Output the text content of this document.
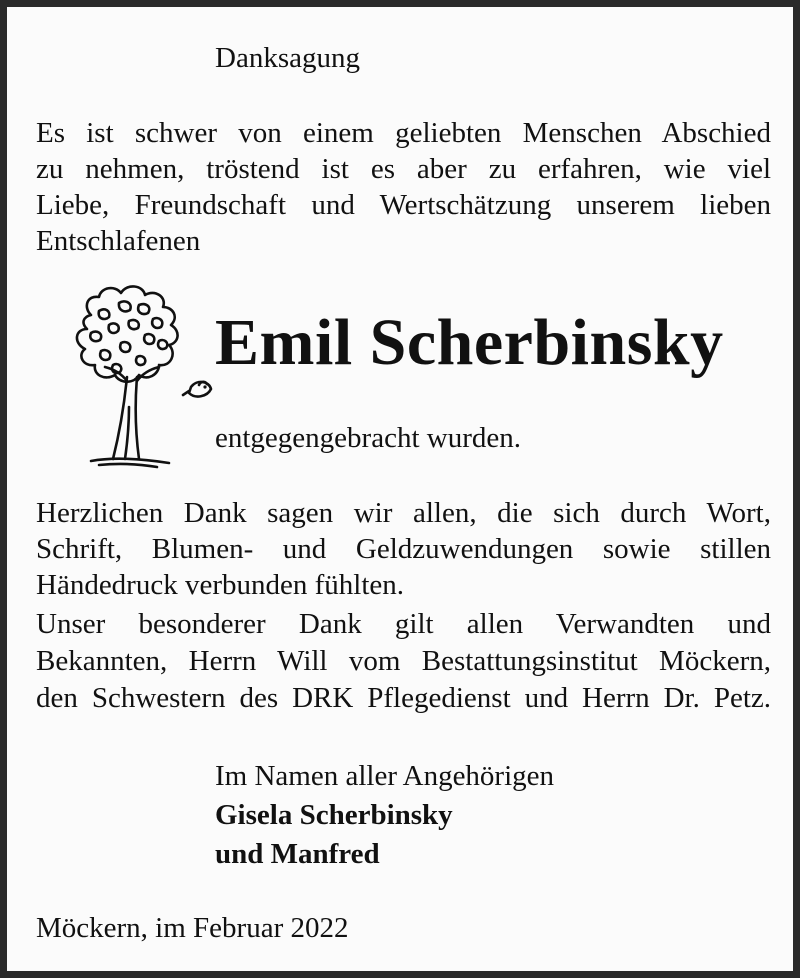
Danksagung
Es ist schwer von einem geliebten Menschen Abschied
zu nehmen, tröstend ist es aber zu erfahren, wie viel
Liebe, Freundschaft und Wertschätzung unserem lieben
Entschlafenen
Emil Scherbinsky
entgegengebracht wurden.
Herzlichen Dank sagen wir allen, die sich durch Wort,
Schrift, Blumen- und Geldzuwendungen sowie stillen
Händedruck verbunden fühlten.
Unser besonderer Dank gilt allen Verwandten und
Bekannten, Herrn Will vom Bestattungsinstitut Möckern,
den Schwestern des DRK Pflegedienst und Herrn Dr. Petz.
Im Namen aller Angehörigen
Gisela Scherbinsky
und Manfred
Möckern, im Februar 2022
